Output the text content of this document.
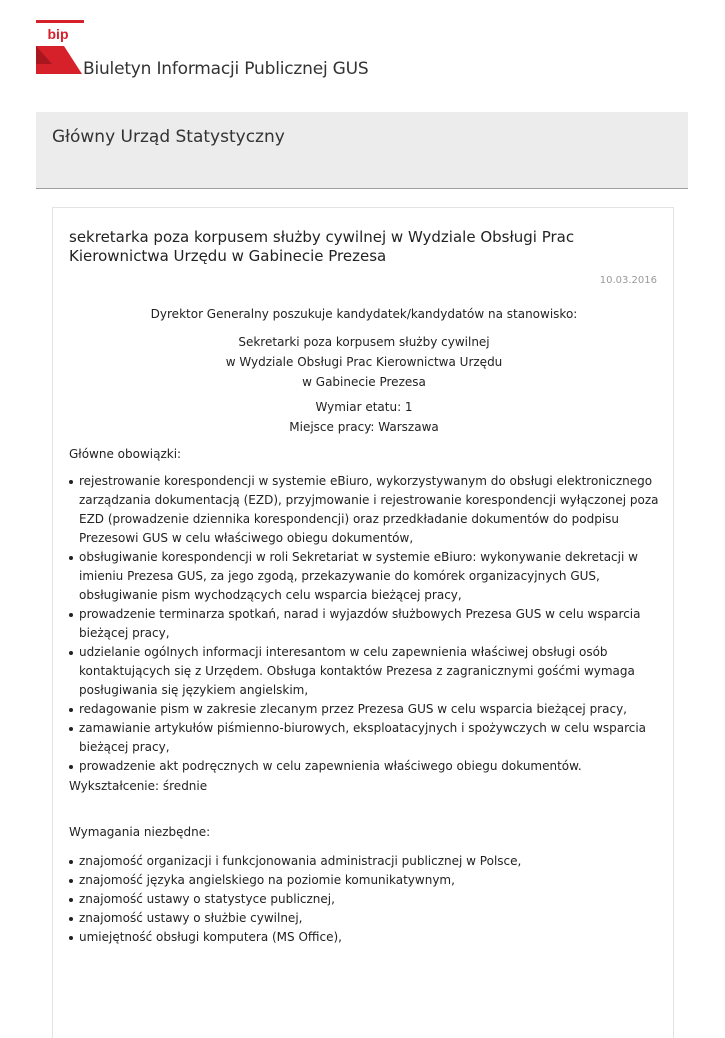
bip
Biuletyn Informacji Publicznej GUS
Główny Urząd Statystyczny
sekretarka poza korpusem służby cywilnej w Wydziale Obsługi Prac Kierownictwa Urzędu w Gabinecie Prezesa
10.03.2016
Dyrektor Generalny poszukuje kandydatek/kandydatów na stanowisko:
Sekretarki poza korpusem służby cywilnej
w Wydziale Obsługi Prac Kierownictwa Urzędu
w Gabinecie Prezesa
Wymiar etatu: 1
Miejsce pracy: Warszawa
Główne obowiązki:
rejestrowanie korespondencji w systemie eBiuro, wykorzystywanym do obsługi elektronicznego zarządzania dokumentacją (EZD), przyjmowanie i rejestrowanie korespondencji wyłączonej poza EZD (prowadzenie dziennika korespondencji) oraz przedkładanie dokumentów do podpisu Prezesowi GUS w celu właściwego obiegu dokumentów,
obsługiwanie korespondencji w roli Sekretariat w systemie eBiuro: wykonywanie dekretacji w imieniu Prezesa GUS, za jego zgodą, przekazywanie do komórek organizacyjnych GUS, obsługiwanie pism wychodzących celu wsparcia bieżącej pracy,
prowadzenie terminarza spotkań, narad i wyjazdów służbowych Prezesa GUS w celu wsparcia bieżącej pracy,
udzielanie ogólnych informacji interesantom w celu zapewnienia właściwej obsługi osób kontaktujących się z Urzędem. Obsługa kontaktów Prezesa z zagranicznymi gośćmi wymaga posługiwania się językiem angielskim,
redagowanie pism w zakresie zlecanym przez Prezesa GUS w celu wsparcia bieżącej pracy,
zamawianie artykułów piśmienno-biurowych, eksploatacyjnych i spożywczych w celu wsparcia bieżącej pracy,
prowadzenie akt podręcznych w celu zapewnienia właściwego obiegu dokumentów.
Wykształcenie: średnie
Wymagania niezbędne:
znajomość organizacji i funkcjonowania administracji publicznej w Polsce,
znajomość języka angielskiego na poziomie komunikatywnym,
znajomość ustawy o statystyce publicznej,
znajomość ustawy o służbie cywilnej,
umiejętność obsługi komputera (MS Office),
